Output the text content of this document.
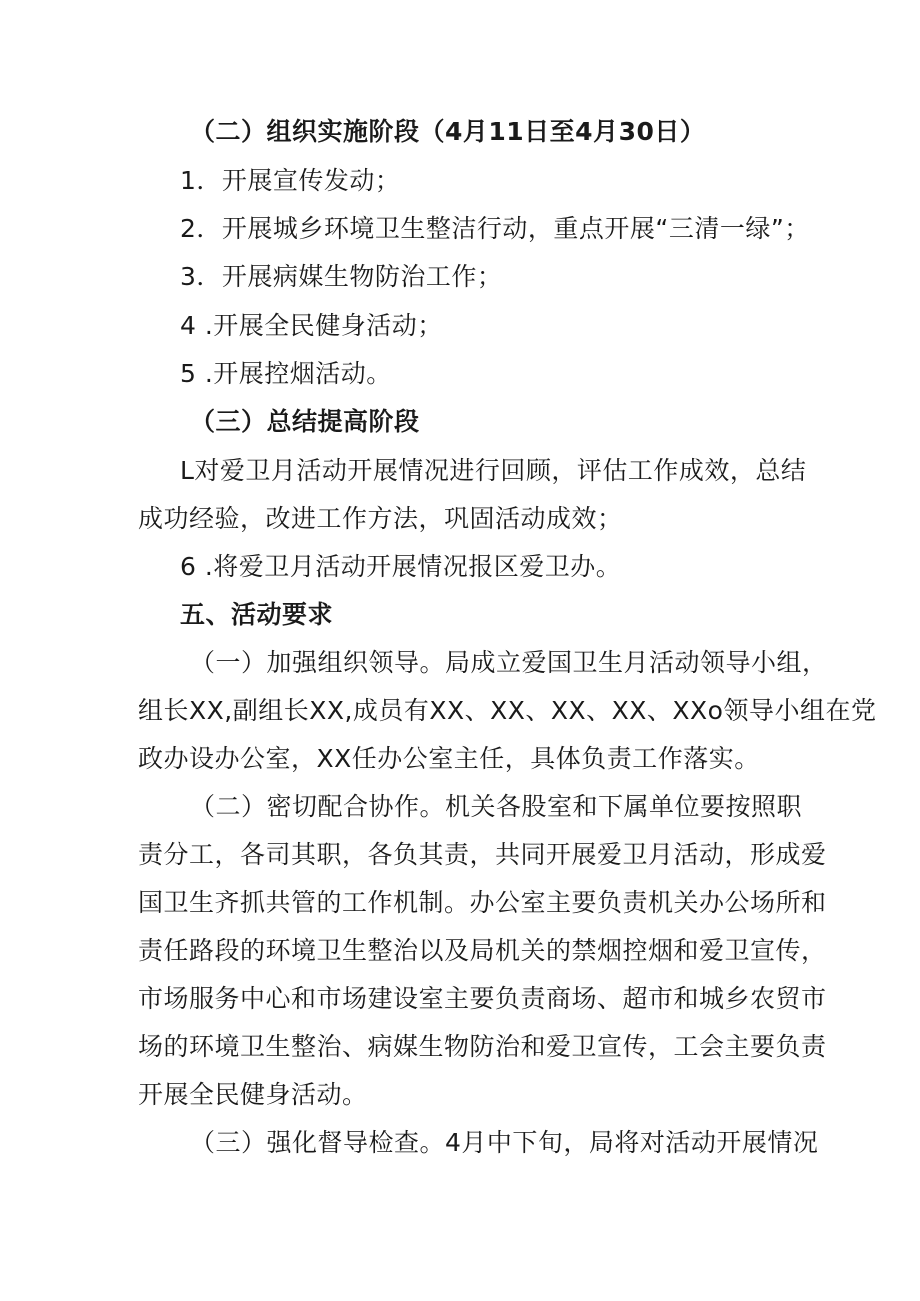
（二）组织实施阶段（4月11日至4月30日）
1．开展宣传发动；
2．开展城乡环境卫生整洁行动，重点开展“三清一绿”；
3．开展病媒生物防治工作；
4 .开展全民健身活动；
5 .开展控烟活动。
（三）总结提高阶段
L对爱卫月活动开展情况进行回顾，评估工作成效，总结
成功经验，改进工作方法，巩固活动成效；
6 .将爱卫月活动开展情况报区爱卫办。
五、活动要求
（一）加强组织领导。局成立爱国卫生月活动领导小组，
组长XX,副组长XX,成员有XX、XX、XX、XX、XXo领导小组在党
政办设办公室，XX任办公室主任，具体负责工作落实。
（二）密切配合协作。机关各股室和下属单位要按照职
责分工，各司其职，各负其责，共同开展爱卫月活动，形成爱
国卫生齐抓共管的工作机制。办公室主要负责机关办公场所和
责任路段的环境卫生整治以及局机关的禁烟控烟和爱卫宣传，
市场服务中心和市场建设室主要负责商场、超市和城乡农贸市
场的环境卫生整治、病媒生物防治和爱卫宣传，工会主要负责
开展全民健身活动。
（三）强化督导检查。4月中下旬，局将对活动开展情况
